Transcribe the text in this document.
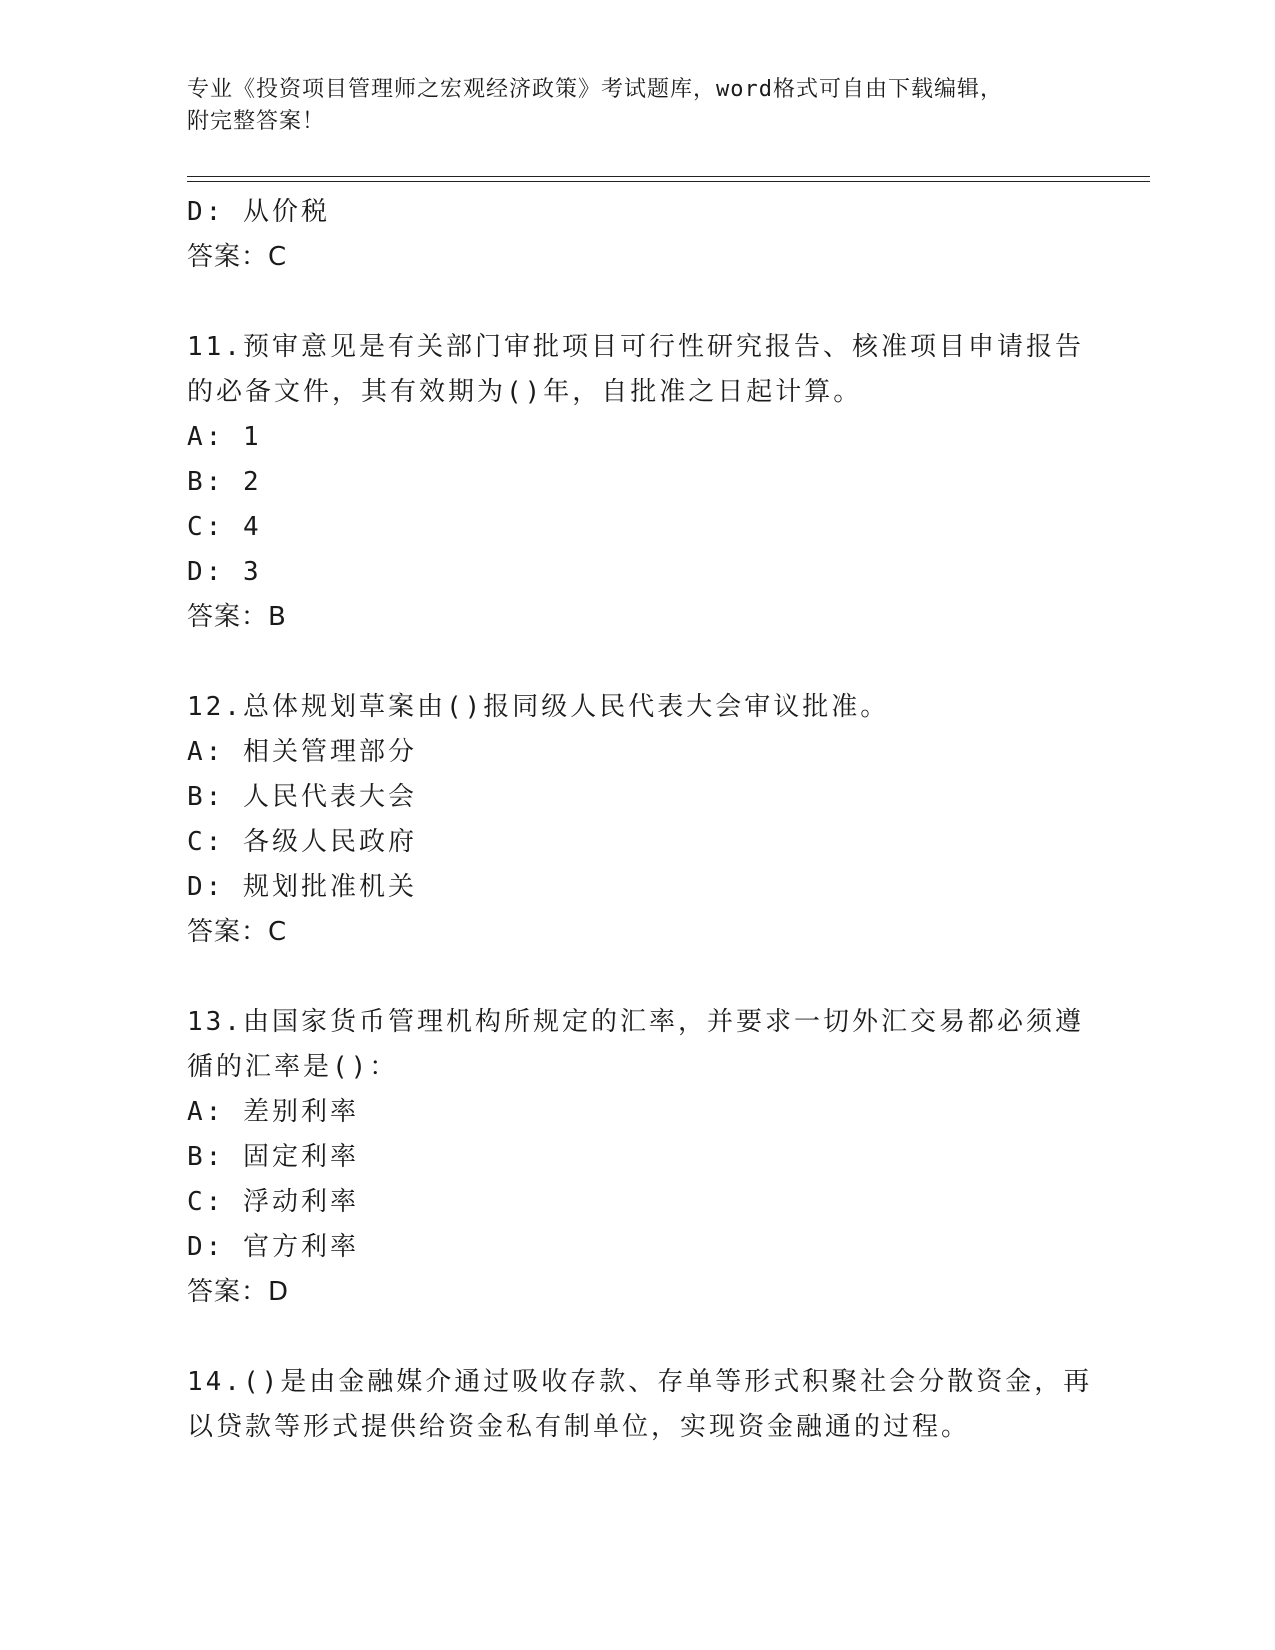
专业《投资项目管理师之宏观经济政策》考试题库，word格式可自由下载编辑，
附完整答案！
D: 从价税
答案：C
11.预审意见是有关部门审批项目可行性研究报告、核准项目申请报告
的必备文件，其有效期为()年，自批准之日起计算。
A: 1
B: 2
C: 4
D: 3
答案：B
12.总体规划草案由()报同级人民代表大会审议批准。
A: 相关管理部分
B: 人民代表大会
C: 各级人民政府
D: 规划批准机关
答案：C
13.由国家货币管理机构所规定的汇率，并要求一切外汇交易都必须遵
循的汇率是()：
A: 差别利率
B: 固定利率
C: 浮动利率
D: 官方利率
答案：D
14.()是由金融媒介通过吸收存款、存单等形式积聚社会分散资金，再
以贷款等形式提供给资金私有制单位，实现资金融通的过程。
